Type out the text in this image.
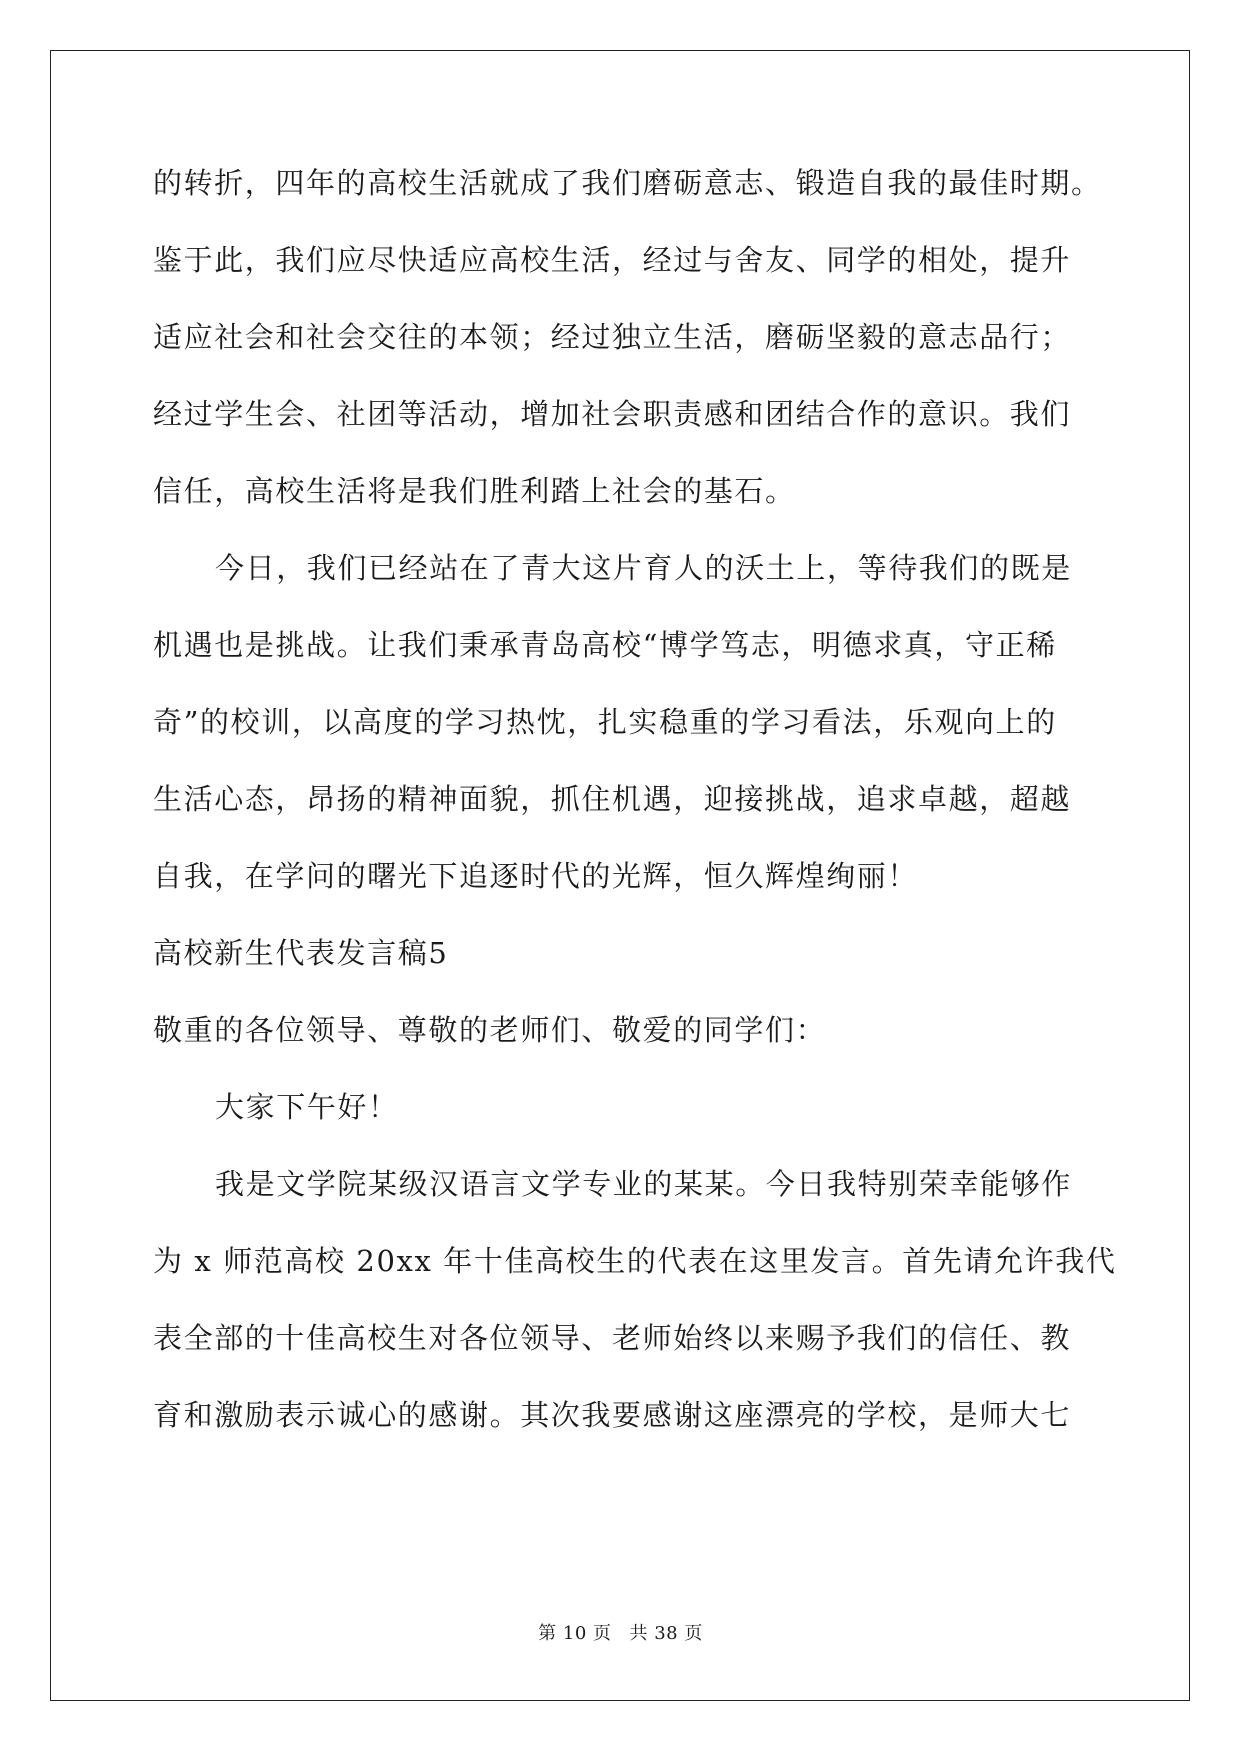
的转折，四年的高校生活就成了我们磨砺意志、锻造自我的最佳时期。
鉴于此，我们应尽快适应高校生活，经过与舍友、同学的相处，提升
适应社会和社会交往的本领；经过独立生活，磨砺坚毅的意志品行；
经过学生会、社团等活动，增加社会职责感和团结合作的意识。我们
信任，高校生活将是我们胜利踏上社会的基石。
今日，我们已经站在了青大这片育人的沃土上，等待我们的既是
机遇也是挑战。让我们秉承青岛高校“博学笃志，明德求真，守正稀
奇”的校训，以高度的学习热忱，扎实稳重的学习看法，乐观向上的
生活心态，昂扬的精神面貌，抓住机遇，迎接挑战，追求卓越，超越
自我，在学问的曙光下追逐时代的光辉，恒久辉煌绚丽！
高校新生代表发言稿5
敬重的各位领导、尊敬的老师们、敬爱的同学们：
大家下午好！
我是文学院某级汉语言文学专业的某某。今日我特别荣幸能够作
为 x 师范高校 20xx 年十佳高校生的代表在这里发言。首先请允许我代
表全部的十佳高校生对各位领导、老师始终以来赐予我们的信任、教
育和激励表示诚心的感谢。其次我要感谢这座漂亮的学校，是师大七
第 10 页 共 38 页
